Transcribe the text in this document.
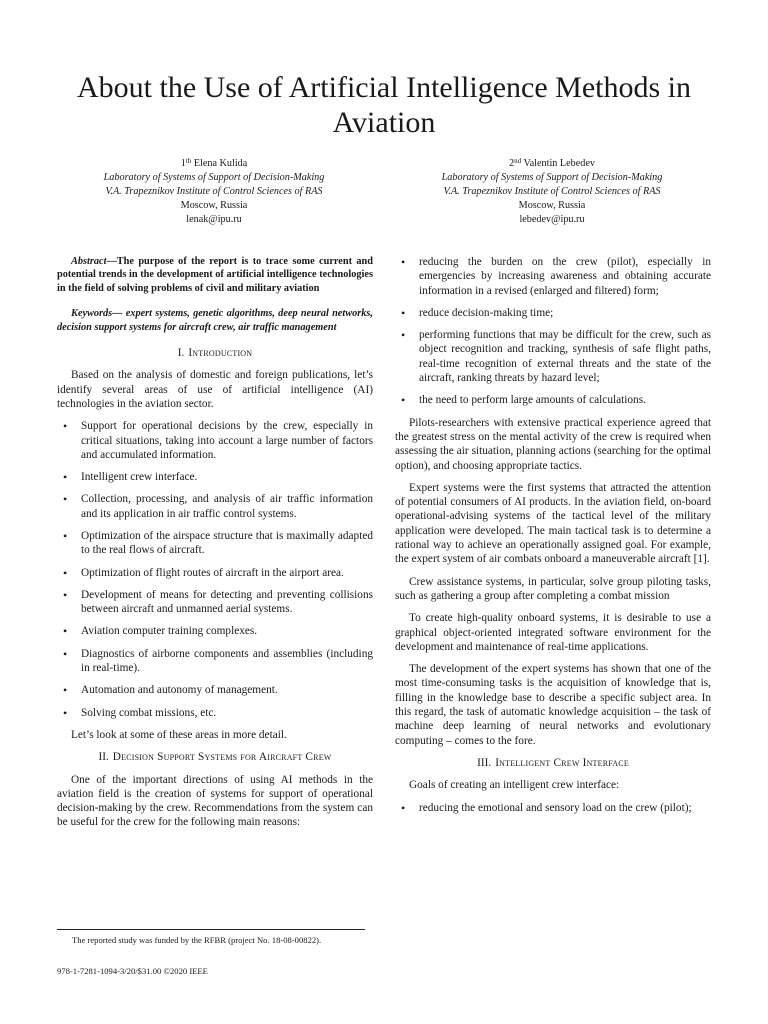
About the Use of Artificial Intelligence Methods in Aviation
1th Elena Kulida
Laboratory of Systems of Support of Decision-Making
V.A. Trapeznikov Institute of Control Sciences of RAS
Moscow, Russia
lenak@ipu.ru
2nd Valentin Lebedev
Laboratory of Systems of Support of Decision-Making
V.A. Trapeznikov Institute of Control Sciences of RAS
Moscow, Russia
lebedev@ipu.ru
Abstract—The purpose of the report is to trace some current and potential trends in the development of artificial intelligence technologies in the field of solving problems of civil and military aviation
Keywords— expert systems, genetic algorithms, deep neural networks, decision support systems for aircraft crew, air traffic management
I. Introduction
Based on the analysis of domestic and foreign publications, let’s identify several areas of use of artificial intelligence (AI) technologies in the aviation sector.
• Support for operational decisions by the crew, especially in critical situations, taking into account a large number of factors and accumulated information.
• Intelligent crew interface.
• Collection, processing, and analysis of air traffic information and its application in air traffic control systems.
• Optimization of the airspace structure that is maximally adapted to the real flows of aircraft.
• Optimization of flight routes of aircraft in the airport area.
• Development of means for detecting and preventing collisions between aircraft and unmanned aerial systems.
• Aviation computer training complexes.
• Diagnostics of airborne components and assemblies (including in real-time).
• Automation and autonomy of management.
• Solving combat missions, etc.
Let’s look at some of these areas in more detail.
II. Decision Support Systems for Aircraft Crew
One of the important directions of using AI methods in the aviation field is the creation of systems for support of operational decision-making by the crew. Recommendations from the system can be useful for the crew for the following main reasons:
• reducing the burden on the crew (pilot), especially in emergencies by increasing awareness and obtaining accurate information in a revised (enlarged and filtered) form;
• reduce decision-making time;
• performing functions that may be difficult for the crew, such as object recognition and tracking, synthesis of safe flight paths, real-time recognition of external threats and the state of the aircraft, ranking threats by hazard level;
• the need to perform large amounts of calculations.
Pilots-researchers with extensive practical experience agreed that the greatest stress on the mental activity of the crew is required when assessing the air situation, planning actions (searching for the optimal option), and choosing appropriate tactics.
Expert systems were the first systems that attracted the attention of potential consumers of AI products. In the aviation field, on-board operational-advising systems of the tactical level of the military application were developed. The main tactical task is to determine a rational way to achieve an operationally assigned goal. For example, the expert system of air combats onboard a maneuverable aircraft [1].
Crew assistance systems, in particular, solve group piloting tasks, such as gathering a group after completing a combat mission
To create high-quality onboard systems, it is desirable to use a graphical object-oriented integrated software environment for the development and maintenance of real-time applications.
The development of the expert systems has shown that one of the most time-consuming tasks is the acquisition of knowledge that is, filling in the knowledge base to describe a specific subject area. In this regard, the task of automatic knowledge acquisition – the task of machine deep learning of neural networks and evolutionary computing – comes to the fore.
III. Intelligent Crew Interface
Goals of creating an intelligent crew interface:
• reducing the emotional and sensory load on the crew (pilot);
The reported study was funded by the RFBR (project No. 18-08-00822).
978-1-7281-1094-3/20/$31.00 ©2020 IEEE
